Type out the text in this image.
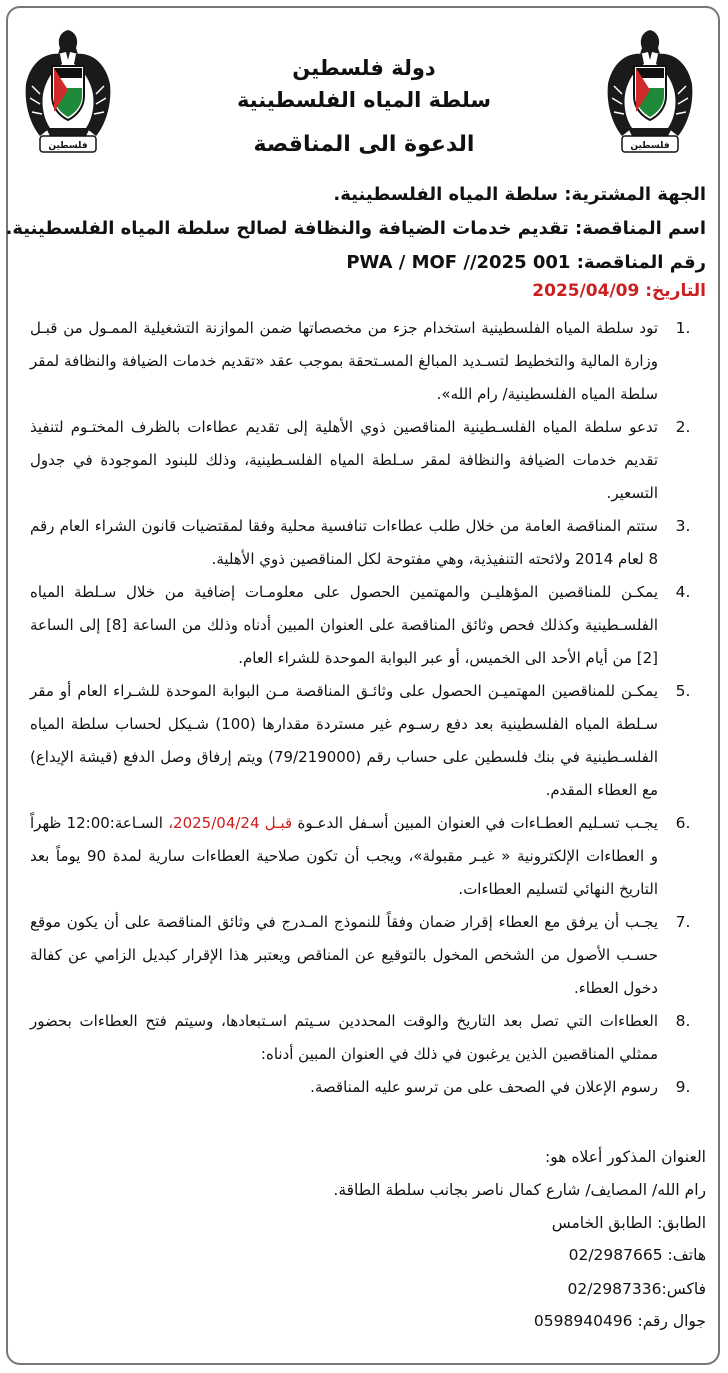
فلسطين	فلسطين
دولة فلسطين
سلطة المياه الفلسطينية
الدعوة الى المناقصة
الجهة المشترية: سلطة المياه الفلسطينية.
اسم المناقصة: تقديم خدمات الضيافة والنظافة لصالح سلطة المياه الفلسطينية.
رقم المناقصة: PWA / MOF //2025 001
التاريخ: 2025/04/09
.1
تود سلطة المياه الفلسطينية استخدام جزء من مخصصاتها ضمن الموازنة التشغيلية الممـول من قبـل وزارة المالية والتخطيط لتسـديد المبالغ المسـتحقة بموجب عقد «تقديم خدمات الضيافة والنظافة لمقر سلطة المياه الفلسطينية/ رام الله».
.2
تدعو سلطة المياه الفلسـطينية المناقصين ذوي الأهلية إلى تقديم عطاءات بالظرف المختـوم لتنفيذ تقديم خدمات الضيافة والنظافة لمقر سـلطة المياه الفلسـطينية، وذلك للبنود الموجودة في جدول التسعير.
.3
ستتم المناقصة العامة من خلال طلب عطاءات تنافسية محلية وفقا لمقتضيات قانون الشراء العام رقم 8 لعام 2014 ولائحته التنفيذية، وهي مفتوحة لكل المناقصين ذوي الأهلية.
.4
يمكـن للمناقصين المؤهليـن والمهتمين الحصول على معلومـات إضافية من خلال سـلطة المياه الفلسـطينية وكذلك فحص وثائق المناقصة على العنوان المبين أدناه وذلك من الساعة [8] إلى الساعة [2] من أيام الأحد الى الخميس، أو عبر البوابة الموحدة للشراء العام.
.5
يمكـن للمناقصين المهتميـن الحصول على وثائـق المناقصة مـن البوابة الموحدة للشـراء العام أو مقر سـلطة المياه الفلسطينية بعد دفع رسـوم غير مستردة مقدارها (100) شـيكل لحساب سلطة المياه الفلسـطينية في بنك فلسطين على حساب رقم (79/219000) ويتم إرفاق وصل الدفع (قيشة الإيداع) مع العطاء المقدم.
.6
يجـب تسـليم العطـاءات في العنوان المبين أسـفل الدعـوة قبـل 2025/04/24، السـاعة:12:00 ظهراً و العطاءات الإلكترونية « غيـر مقبولة»، ويجب أن تكون صلاحية العطاءات سارية لمدة 90 يوماً بعد التاريخ النهائي لتسليم العطاءات.
.7
يجـب أن يرفق مع العطاء إقرار ضمان وفقاً للنموذج المـدرج في وثائق المناقصة على أن يكون موقع حسـب الأصول من الشخص المخول بالتوقيع عن المناقص ويعتبر هذا الإقرار كبديل الزامي عن كفالة دخول العطاء.
.8
العطاءات التي تصل بعد التاريخ والوقت المحددين سـيتم اسـتبعادها، وسيتم فتح العطاءات بحضور ممثلي المناقصين الذين يرغبون في ذلك في العنوان المبين أدناه:
.9
رسوم الإعلان في الصحف على من ترسو عليه المناقصة.
العنوان المذكور أعلاه هو:
رام الله/ المصايف/ شارع كمال ناصر بجانب سلطة الطاقة.
الطابق: الطابق الخامس
هاتف: 02/2987665
فاكس:02/2987336
جوال رقم: 0598940496
